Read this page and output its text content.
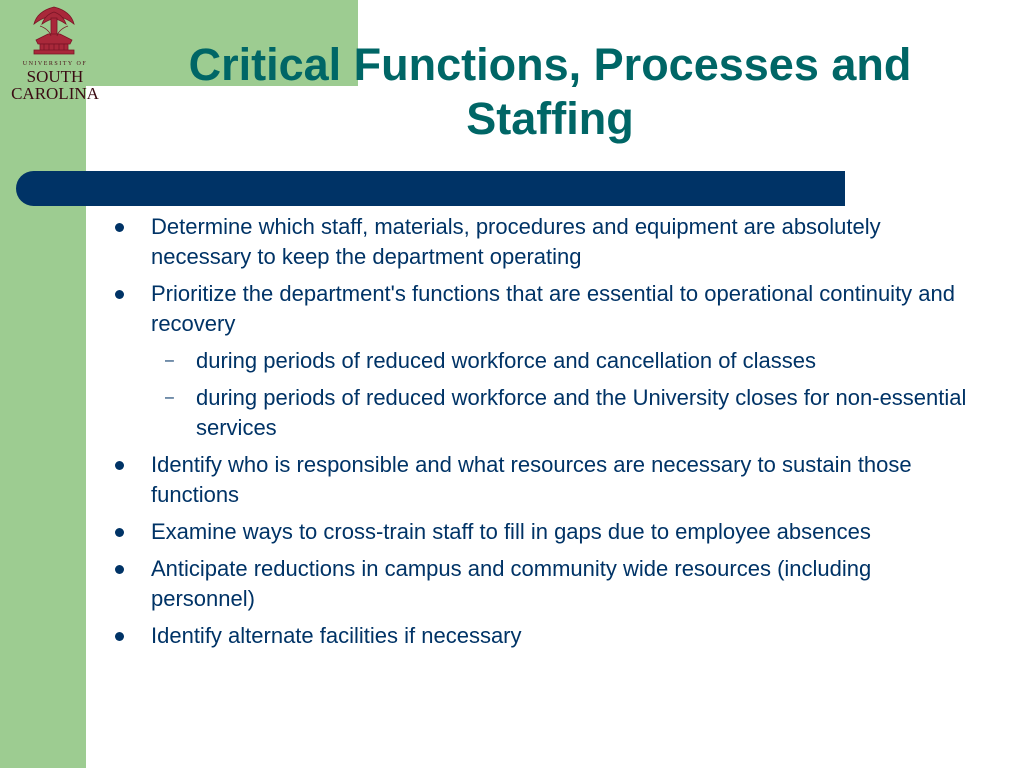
UNIVERSITY OF
SOUTH
CAROLINA
Critical Functions, Processes and Staffing
Determine which staff, materials, procedures and equipment are absolutely necessary to keep the department operating
Prioritize the department's functions that are essential to operational continuity and recovery
– during periods of reduced workforce and cancellation of classes
– during periods of reduced workforce and the University closes for non-essential services
Identify who is responsible and what resources are necessary to sustain those functions
Examine ways to cross-train staff to fill in gaps due to employee absences
Anticipate reductions in campus and community wide resources (including personnel)
Identify alternate facilities if necessary
